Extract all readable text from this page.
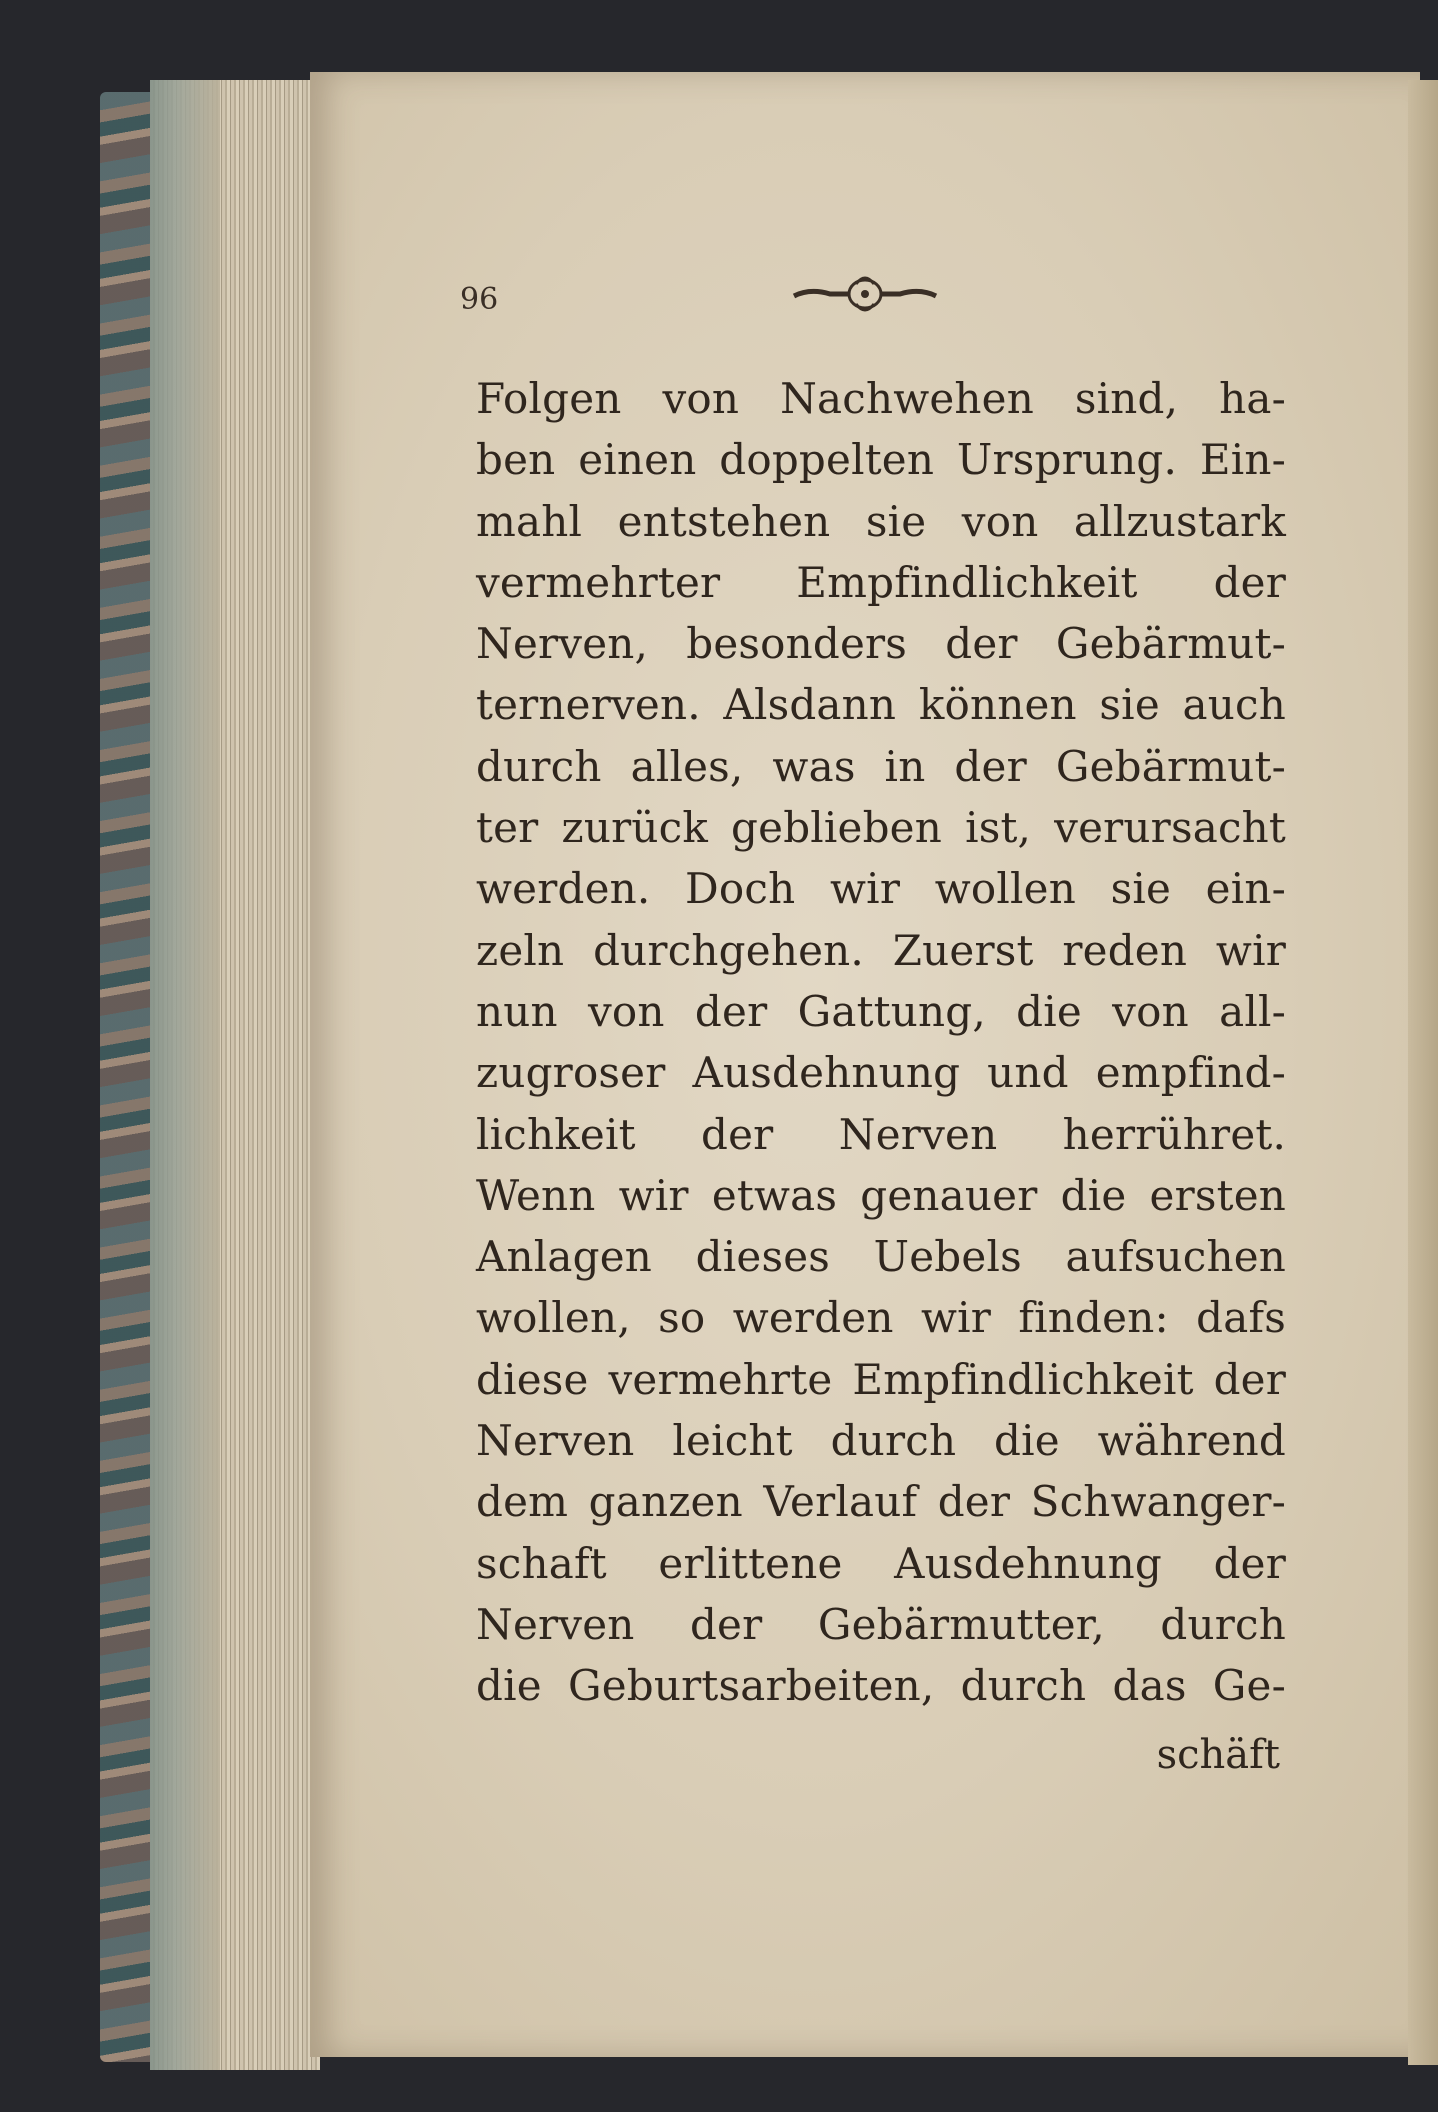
96
Folgen von Nachwehen sind, ha-
ben einen doppelten Ursprung. Ein-
mahl entstehen sie von allzustark
vermehrter Empfindlichkeit der
Nerven, besonders der Gebärmut-
ternerven. Alsdann können sie auch
durch alles, was in der Gebärmut-
ter zurück geblieben ist, verursacht
werden. Doch wir wollen sie ein-
zeln durchgehen. Zuerst reden wir
nun von der Gattung, die von all-
zugroser Ausdehnung und empfind-
lichkeit der Nerven herrühret.
Wenn wir etwas genauer die ersten
Anlagen dieses Uebels aufsuchen
wollen, so werden wir finden: dafs
diese vermehrte Empfindlichkeit der
Nerven leicht durch die während
dem ganzen Verlauf der Schwanger-
schaft erlittene Ausdehnung der
Nerven der Gebärmutter, durch
die Geburtsarbeiten, durch das Ge-
schäft
